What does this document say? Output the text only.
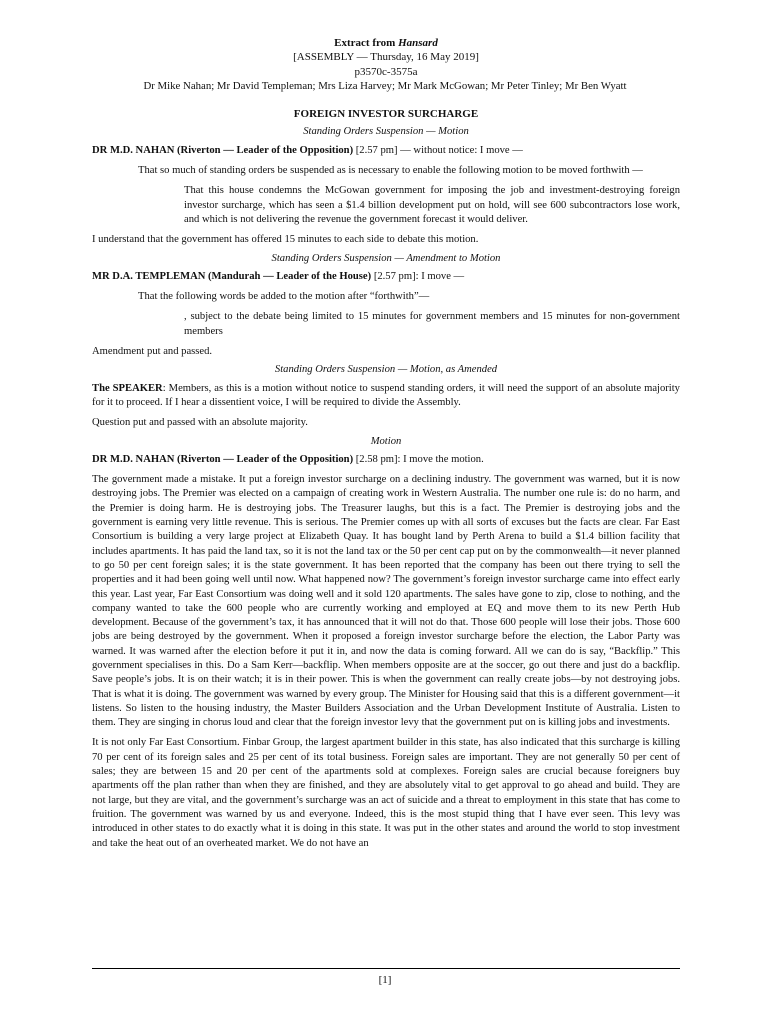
Extract from Hansard
[ASSEMBLY — Thursday, 16 May 2019]
p3570c-3575a
Dr Mike Nahan; Mr David Templeman; Mrs Liza Harvey; Mr Mark McGowan; Mr Peter Tinley; Mr Ben Wyatt
FOREIGN INVESTOR SURCHARGE
Standing Orders Suspension — Motion

DR M.D. NAHAN (Riverton — Leader of the Opposition) [2.57 pm] — without notice: I move —

That so much of standing orders be suspended as is necessary to enable the following motion to be moved forthwith —

That this house condemns the McGowan government for imposing the job and investment-destroying foreign investor surcharge, which has seen a $1.4 billion development put on hold, will see 600 subcontractors lose work, and which is not delivering the revenue the government forecast it would deliver.

I understand that the government has offered 15 minutes to each side to debate this motion.

Standing Orders Suspension — Amendment to Motion

MR D.A. TEMPLEMAN (Mandurah — Leader of the House) [2.57 pm]: I move —

That the following words be added to the motion after “forthwith”—

, subject to the debate being limited to 15 minutes for government members and 15 minutes for non-government members

Amendment put and passed.

Standing Orders Suspension — Motion, as Amended

The SPEAKER: Members, as this is a motion without notice to suspend standing orders, it will need the support of an absolute majority for it to proceed. If I hear a dissentient voice, I will be required to divide the Assembly.

Question put and passed with an absolute majority.

Motion

DR M.D. NAHAN (Riverton — Leader of the Opposition) [2.58 pm]: I move the motion.

The government made a mistake. It put a foreign investor surcharge on a declining industry. The government was warned, but it is now destroying jobs. The Premier was elected on a campaign of creating work in Western Australia. The number one rule is: do no harm, and the Premier is doing harm. He is destroying jobs. The Treasurer laughs, but this is a fact. The Premier is destroying jobs and the government is earning very little revenue. This is serious. The Premier comes up with all sorts of excuses but the facts are clear. Far East Consortium is building a very large project at Elizabeth Quay. It has bought land by Perth Arena to build a $1.4 billion facility that includes apartments. It has paid the land tax, so it is not the land tax or the 50 per cent cap put on by the commonwealth—it never planned to go 50 per cent foreign sales; it is the state government. It has been reported that the company has been out there trying to sell the properties and it had been going well until now. What happened now? The government’s foreign investor surcharge came into effect early this year. Last year, Far East Consortium was doing well and it sold 120 apartments. The sales have gone to zip, close to nothing, and the company wanted to take the 600 people who are currently working and employed at EQ and move them to its new Perth Hub development. Because of the government’s tax, it has announced that it will not do that. Those 600 people will lose their jobs. Those 600 jobs are being destroyed by the government. When it proposed a foreign investor surcharge before the election, the Labor Party was warned. It was warned after the election before it put it in, and now the data is coming forward. All we can do is say, “Backflip.” This government specialises in this. Do a Sam Kerr—backflip. When members opposite are at the soccer, go out there and just do a backflip. Save people’s jobs. It is on their watch; it is in their power. This is when the government can really create jobs—by not destroying jobs. That is what it is doing. The government was warned by every group. The Minister for Housing said that this is a different government—it listens. So listen to the housing industry, the Master Builders Association and the Urban Development Institute of Australia. Listen to them. They are singing in chorus loud and clear that the foreign investor levy that the government put on is killing jobs and investments.

It is not only Far East Consortium. Finbar Group, the largest apartment builder in this state, has also indicated that this surcharge is killing 70 per cent of its foreign sales and 25 per cent of its total business. Foreign sales are important. They are not generally 50 per cent of sales; they are between 15 and 20 per cent of the apartments sold at complexes. Foreign sales are crucial because foreigners buy apartments off the plan rather than when they are finished, and they are absolutely vital to get approval to go ahead and build. They are not large, but they are vital, and the government’s surcharge was an act of suicide and a threat to employment in this state that has come to fruition. The government was warned by us and everyone. Indeed, this is the most stupid thing that I have ever seen. This levy was introduced in other states to do exactly what it is doing in this state. It was put in the other states and around the world to stop investment and take the heat out of an overheated market. We do not have an

[1]
